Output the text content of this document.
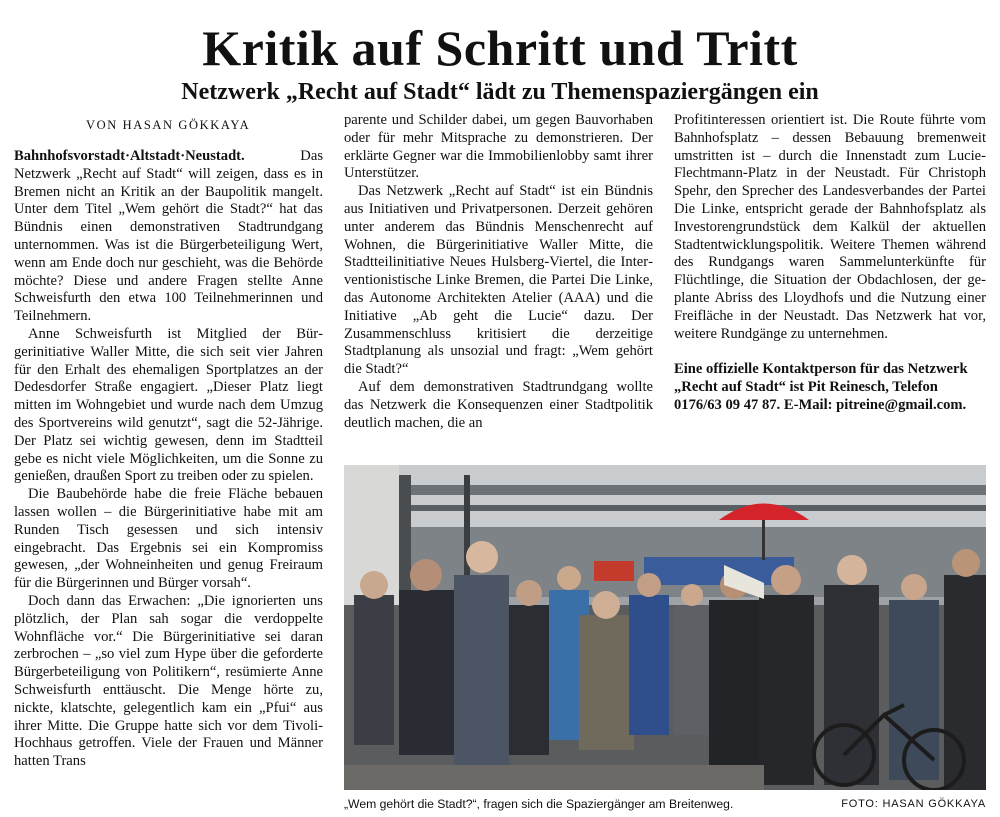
Kritik auf Schritt und Tritt
Netzwerk „Recht auf Stadt“ lädt zu Themenspaziergängen ein
VON HASAN GÖKKAYA

Bahnhofsvorstadt·Altstadt·Neustadt.	Das Netzwerk „Recht auf Stadt“ will zeigen, dass es in Bremen nicht an Kritik an der Baupolitik mangelt. Unter dem Titel „Wem gehört die Stadt?“ hat das Bündnis einen demonstrativen Stadtrundgang unternommen. Was ist die Bürgerbeteiligung Wert, wenn am Ende doch nur geschieht, was die Behörde möchte? Diese und andere Fragen stellte Anne Schweisfurth den etwa 100 Teilnehmerinnen und Teilnehmern.

Anne Schweisfurth ist Mitglied der Bürgerinitiative Waller Mitte, die sich seit vier Jahren für den Erhalt des ehemaligen Sportplatzes an der Dedesdorfer Straße engagiert. „Dieser Platz liegt mitten im Wohngebiet und wurde nach dem Umzug des Sportvereins wild genutzt“, sagt die 52-Jährige. Der Platz sei wichtig gewesen, denn im Stadtteil gebe es nicht viele Möglichkeiten, um die Sonne zu genießen, draußen Sport zu treiben oder zu spielen.

Die Baubehörde habe die freie Fläche bebauen lassen wollen – die Bürgerinitiative habe mit am Runden Tisch gesessen und sich intensiv eingebracht. Das Ergebnis sei ein Kompromiss gewesen, „der Wohneinheiten und genug Freiraum für die Bürgerinnen und Bürger vorsah“.

Doch dann das Erwachen: „Die ignorierten uns plötzlich, der Plan sah sogar die verdoppelte Wohnfläche vor.“ Die Bürgerinitiative sei daran zerbrochen – „so viel zum Hype über die geforderte Bürgerbeteiligung von Politikern“, resümierte Anne Schweisfurth enttäuscht. Die Menge hörte zu, nickte, klatschte, gelegentlich kam ein „Pfui“ aus ihrer Mitte. Die Gruppe hatte sich vor dem Tivoli-Hochhaus getroffen. Viele der Frauen und Männer hatten Trans

parente und Schilder dabei, um gegen Bauvorhaben oder für mehr Mitsprache zu demonstrieren. Der erklärte Gegner war die Immobilienlobby samt ihrer Unterstützer.

Das Netzwerk „Recht auf Stadt“ ist ein Bündnis aus Initiativen und Privatpersonen. Derzeit gehören unter anderem das Bündnis Menschenrecht auf Wohnen, die Bürgerinitiative Waller Mitte, die Stadtteilinitiative Neues Hulsberg-Viertel, die Interventionistische Linke Bremen, die Partei Die Linke, das Autonome Architekten Atelier (AAA) und die Initiative „Ab geht die Lucie“ dazu. Der Zusammenschluss kritisiert die derzeitige Stadtplanung als unsozial und fragt: „Wem gehört die Stadt?“

Auf dem demonstrativen Stadtrundgang wollte das Netzwerk die Konsequenzen einer Stadtpolitik deutlich machen, die an

Profitinteressen orientiert ist. Die Route führte vom Bahnhofsplatz – dessen Bebauung bremenweit umstritten ist – durch die Innenstadt zum Lucie-Flechtmann-Platz in der Neustadt. Für Christoph Spehr, den Sprecher des Landesverbandes der Partei Die Linke, entspricht gerade der Bahnhofsplatz als Investorengrundstück dem Kalkül der aktuellen Stadtentwicklungspolitik. Weitere Themen während des Rundgangs waren Sammelunterkünfte für Flüchtlinge, die Situation der Obdachlosen, der geplante Abriss des Lloydhofs und die Nutzung einer Freifläche in der Neustadt. Das Netzwerk hat vor, weitere Rundgänge zu unternehmen.

Eine offizielle Kontaktperson für das Netzwerk „Recht auf Stadt“ ist Pit Reinesch, Telefon 0176/63 09 47 87. E-Mail: pitreine@gmail.com.

„Wem gehört die Stadt?“, fragen sich die Spaziergänger am Breitenweg.	FOTO: HASAN GÖKKAYA
